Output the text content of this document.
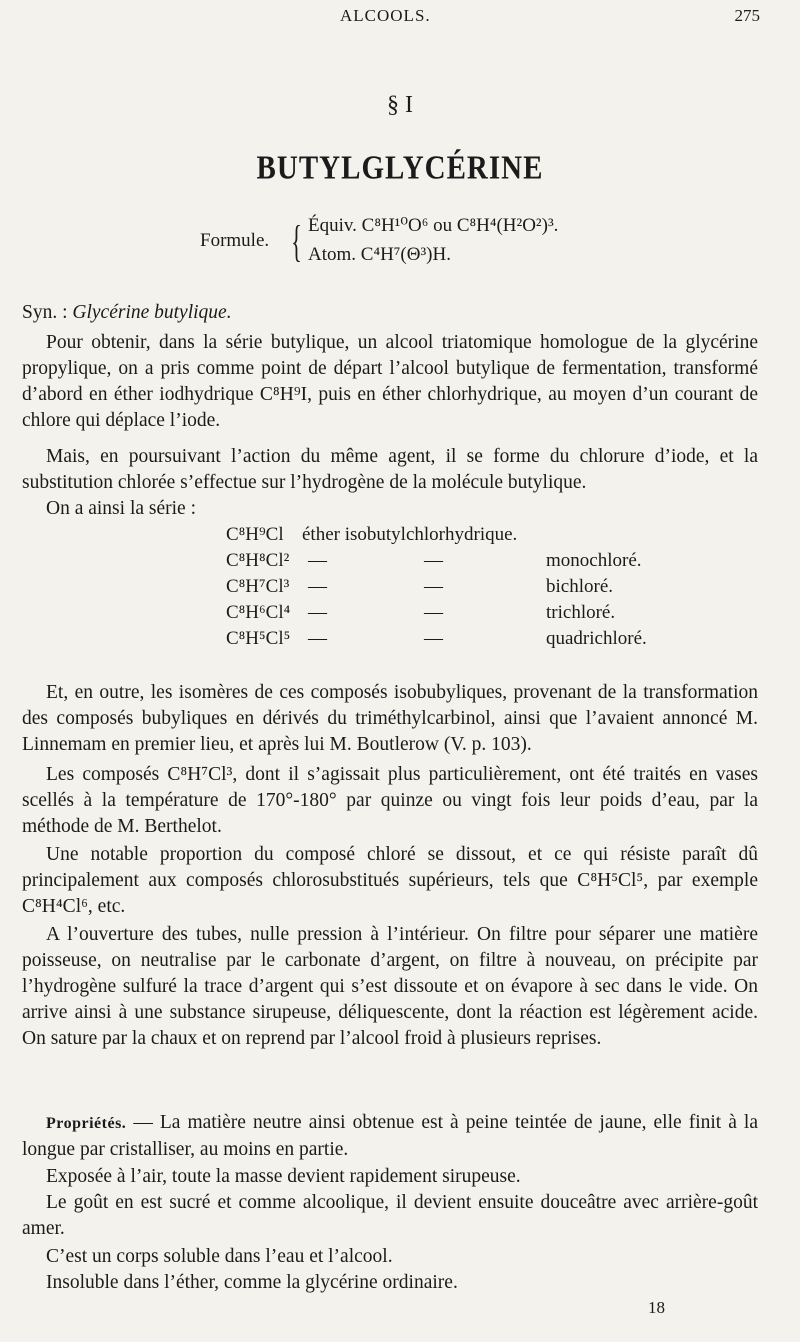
ALCOOLS.	275
§ I
BUTYLGLYCÉRINE
Formule. { Équiv. C⁸H¹⁰O⁶ ou C⁸H⁴(H²O²)³.
Atom. C⁴H⁷(Θ³)H.
Syn. : Glycérine butylique.

Pour obtenir, dans la série butylique, un alcool triatomique homologue de la glycérine propylique, on a pris comme point de départ l’alcool butylique de fermentation, transformé d’abord en éther iodhydrique C⁸H⁹I, puis en éther chlorhydrique, au moyen d’un courant de chlore qui déplace l’iode.

Mais, en poursuivant l’action du même agent, il se forme du chlorure d’iode, et la substitution chlorée s’effectue sur l’hydrogène de la molécule butylique.

On a ainsi la série :

C⁸H⁹Cl éther isobutylchlorhydrique.
C⁸H⁸Cl² —	—	monochloré.
C⁸H⁷Cl³ —	—	bichloré.
C⁸H⁶Cl⁴ —	—	trichloré.
C⁸H⁵Cl⁵ —	—	quadrichloré.

Et, en outre, les isomères de ces composés isobubyliques, provenant de la transformation des composés bubyliques en dérivés du triméthylcarbinol, ainsi que l’avaient annoncé M. Linnemam en premier lieu, et après lui M. Boutlerow (V. p. 103).

Les composés C⁸H⁷Cl³, dont il s’agissait plus particulièrement, ont été traités en vases scellés à la température de 170°-180° par quinze ou vingt fois leur poids d’eau, par la méthode de M. Berthelot.

Une notable proportion du composé chloré se dissout, et ce qui résiste paraît dû principalement aux composés chlorosubstitués supérieurs, tels que C⁸H⁵Cl⁵, par exemple C⁸H⁴Cl⁶, etc.

A l’ouverture des tubes, nulle pression à l’intérieur. On filtre pour séparer une matière poisseuse, on neutralise par le carbonate d’argent, on filtre à nouveau, on précipite par l’hydrogène sulfuré la trace d’argent qui s’est dissoute et on évapore à sec dans le vide. On arrive ainsi à une substance sirupeuse, déliquescente, dont la réaction est légèrement acide. On sature par la chaux et on reprend par l’alcool froid à plusieurs reprises.

Propriétés. — La matière neutre ainsi obtenue est à peine teintée de jaune, elle finit à la longue par cristalliser, au moins en partie.

Exposée à l’air, toute la masse devient rapidement sirupeuse.

Le goût en est sucré et comme alcoolique, il devient ensuite douceâtre avec arrière-goût amer.

C’est un corps soluble dans l’eau et l’alcool.

Insoluble dans l’éther, comme la glycérine ordinaire.

18
